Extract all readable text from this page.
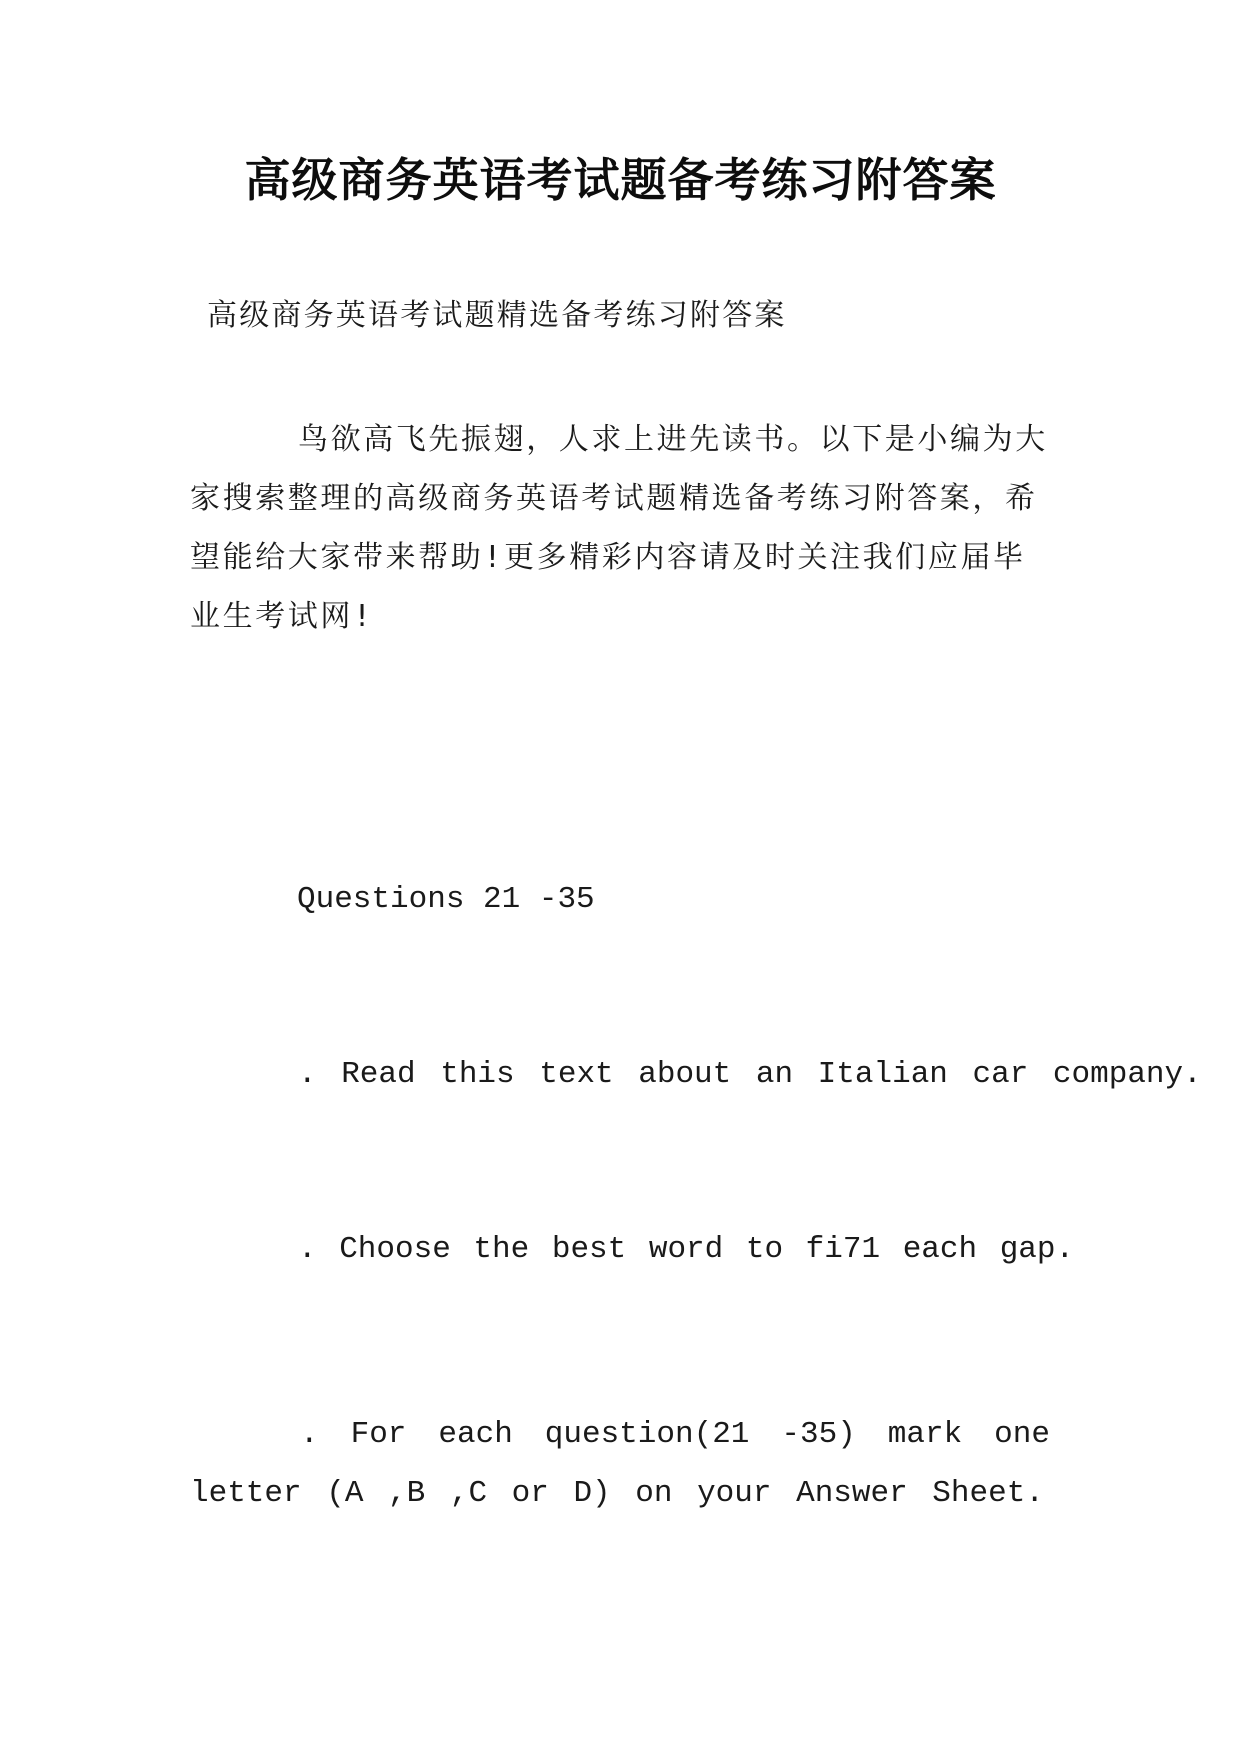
高级商务英语考试题备考练习附答案
高级商务英语考试题精选备考练习附答案

鸟欲高飞先振翅，人求上进先读书。以下是小编为大家搜索整理的高级商务英语考试题精选备考练习附答案，希望能给大家带来帮助!更多精彩内容请及时关注我们应届毕业生考试网!

Questions 21 -35
. Read this text about an Italian car company.
. Choose the best word to fi71 each gap.

. For each question(21 -35) mark one letter (A ,B ,C or D) on your Answer Sheet.
